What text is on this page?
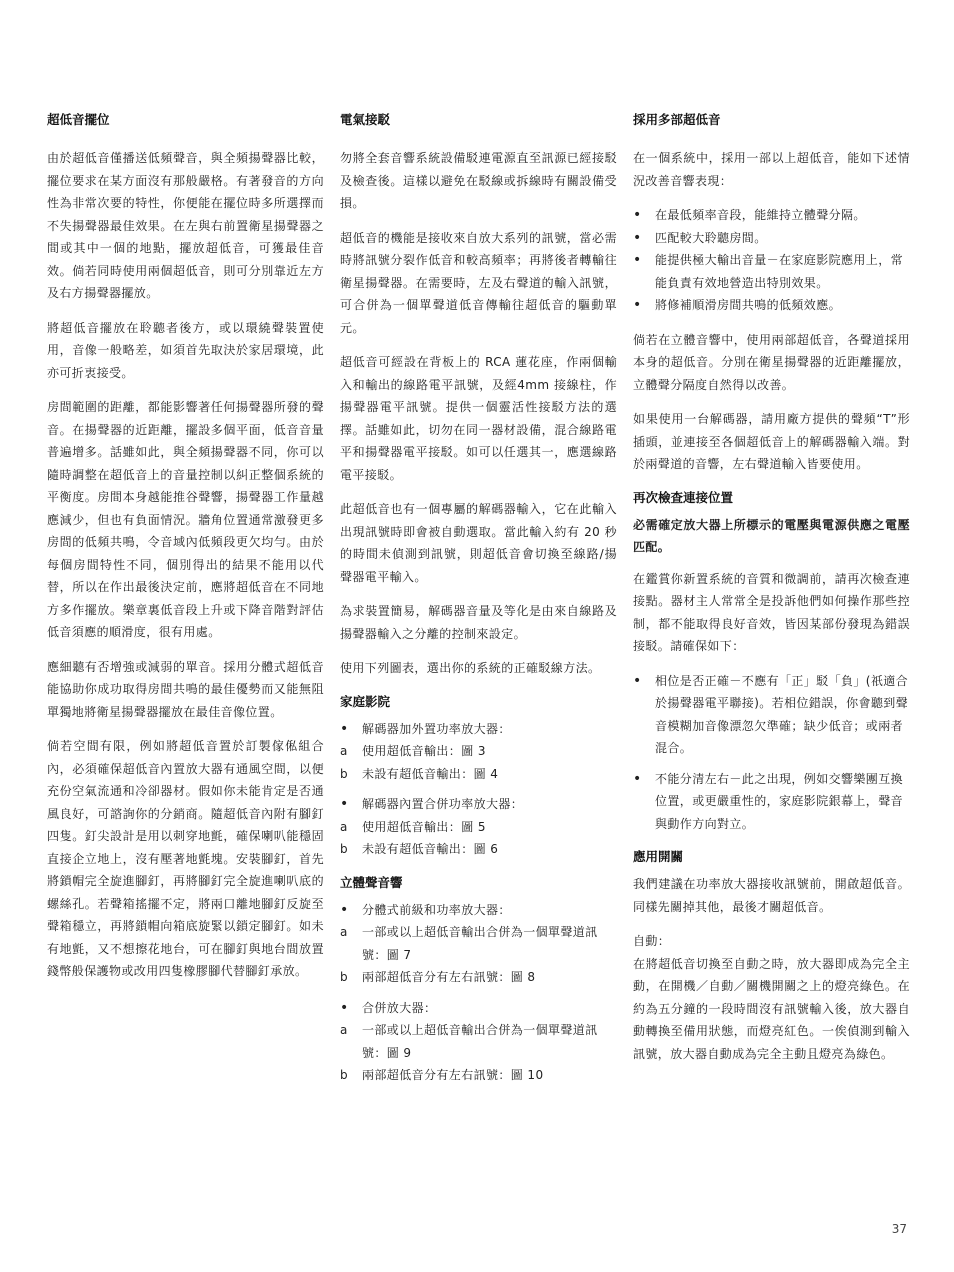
超低音擺位

由於超低音僅播送低頻聲音，與全頻揚聲器比較，擺位要求在某方面沒有那般嚴格。有著發音的方向性為非常次要的特性，你便能在擺位時多所選擇而不失揚聲器最佳效果。在左與右前置衛星揚聲器之間或其中一個的地點，擺放超低音，可獲最佳音效。倘若同時使用兩個超低音，則可分別靠近左方及右方揚聲器擺放。

將超低音擺放在聆聽者後方，或以環繞聲裝置使用，音像一般略差，如須首先取決於家居環境，此亦可折衷接受。

房間範圍的距離，都能影響著任何揚聲器所發的聲音。在揚聲器的近距離，擺設多個平面，低音音量普遍增多。話雖如此，與全頻揚聲器不同，你可以隨時調整在超低音上的音量控制以糾正整個系統的平衡度。房間本身越能推谷聲響，揚聲器工作量越應減少，但也有負面情況。牆角位置通常激發更多房間的低頻共鳴，令音域內低頻段更欠均勻。由於每個房間特性不同，個別得出的結果不能用以代替，所以在作出最後決定前，應將超低音在不同地方多作擺放。樂章裏低音段上升或下降音階對評估低音須應的順滑度，很有用處。

應細聽有否增強或減弱的單音。採用分體式超低音能協助你成功取得房間共鳴的最佳優勢而又能無阻單獨地將衛星揚聲器擺放在最佳音像位置。

倘若空間有限，例如將超低音置於訂製傢俬組合內，必須確保超低音內置放大器有通風空間，以便充份空氣流通和冷卻器材。假如你未能肯定是否通風良好，可諮詢你的分銷商。隨超低音內附有腳釘四隻。釘尖設計是用以刺穿地氈，確保喇叭能穩固直接企立地上，沒有壓著地氈塊。安裝腳釘，首先將鎖帽完全旋進腳釘，再將腳釘完全旋進喇叭底的螺絲孔。若聲箱搖擺不定，將兩口離地腳釘反旋至聲箱穩立，再將鎖帽向箱底旋緊以鎖定腳釘。如未有地氈，又不想擦花地台，可在腳釘與地台間放置錢幣般保護物或改用四隻橡膠腳代替腳釘承放。

電氣接駁

勿將全套音響系統設備駁連電源直至訊源已經接駁及檢查後。這樣以避免在駁線或拆線時有關設備受損。

超低音的機能是接收來自放大系列的訊號，當必需時將訊號分裂作低音和較高頻率；再將後者轉輸往衛星揚聲器。在需要時，左及右聲道的輸入訊號，可合併為一個單聲道低音傳輸往超低音的驅動單元。

超低音可經設在背板上的 RCA 蓮花座，作兩個輸入和輸出的線路電平訊號，及經4mm 接線柱，作揚聲器電平訊號。提供一個靈活性接駁方法的選擇。話雖如此，切勿在同一器材設備，混合線路電平和揚聲器電平接駁。如可以任選其一，應選線路電平接駁。

此超低音也有一個專屬的解碼器輸入，它在此輸入出現訊號時即會被自動選取。當此輸入約有 20 秒的時間未偵測到訊號，則超低音會切換至線路/揚聲器電平輸入。

為求裝置簡易，解碼器音量及等化是由來自線路及揚聲器輸入之分離的控制來設定。

使用下列圖表，選出你的系統的正確駁線方法。

家庭影院
•	解碼器加外置功率放大器：
a	使用超低音輸出：圖 3
b	未設有超低音輸出：圖 4
•	解碼器內置合併功率放大器：
a	使用超低音輸出：圖 5
b	未設有超低音輸出：圖 6
立體聲音響
•	分體式前級和功率放大器：
a	一部或以上超低音輸出合併為一個單聲道訊號：圖 7
b	兩部超低音分有左右訊號：圖 8
•	合併放大器：
a	一部或以上超低音輸出合併為一個單聲道訊號：圖 9
b	兩部超低音分有左右訊號：圖 10
採用多部超低音

在一個系統中，採用一部以上超低音，能如下述情況改善音響表現：

•	在最低頻率音段，能維持立體聲分隔。
•	匹配較大聆聽房間。
•	能提供極大輸出音量－在家庭影院應用上，常能負責有效地營造出特別效果。
•	將修補順滑房間共鳴的低頻效應。

倘若在立體音響中，使用兩部超低音，各聲道採用本身的超低音。分別在衛星揚聲器的近距離擺放，立體聲分隔度自然得以改善。

如果使用一台解碼器，請用廠方提供的聲頻“T”形插頭，並連接至各個超低音上的解碼器輸入端。對於兩聲道的音響，左右聲道輸入皆要使用。

再次檢查連接位置

必需確定放大器上所標示的電壓與電源供應之電壓匹配。

在鑑賞你新置系統的音質和微調前，請再次檢查連接點。器材主人常常全是投訴他們如何操作那些控制，都不能取得良好音效，皆因某部份發現為錯誤接駁。請確保如下：

•	相位是否正確－不應有「正」駁「負」(祇適合於揚聲器電平聯接)。若相位錯誤，你會聽到聲音模糊加音像漂忽欠準確；缺少低音；或兩者混合。
•	不能分清左右－此之出現，例如交響樂團互換位置，或更嚴重性的，家庭影院銀幕上，聲音與動作方向對立。
應用開關

我們建議在功率放大器接收訊號前，開啟超低音。同樣先關掉其他，最後才關超低音。

自動：

在將超低音切換至自動之時，放大器即成為完全主動，在開機／自動／關機開關之上的燈亮綠色。在約為五分鐘的一段時間沒有訊號輸入後，放大器自動轉換至備用狀態，而燈亮紅色。一俟偵測到輸入訊號，放大器自動成為完全主動且燈亮為綠色。

37
